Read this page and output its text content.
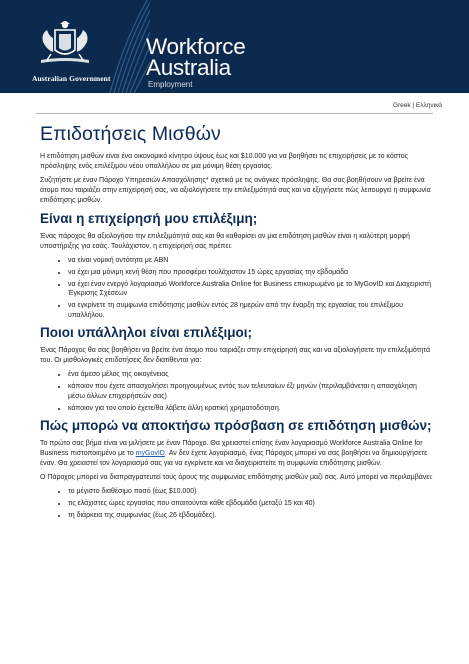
Australian Government
Workforce
Australia
Employment
Greek | Ελληνικά
Επιδοτήσεις Μισθών

Η επιδότηση μισθών είναι ένα οικονομικό κίνητρο ύψους έως και $10.000 για να βοηθήσει τις επιχειρήσεις με το κόστος πρόσληψης ενός επιλέξιμου νέου υπαλλήλου σε μια μόνιμη θέση εργασίας.

Συζητήστε με έναν Πάροχο Υπηρεσιών Απασχόλησης* σχετικά με τις ανάγκες πρόσληψης. Θα σας βοηθήσουν να βρείτε ένα άτομο που ταιριάζει στην επιχείρησή σας, να αξιολογήσετε την επιλεξιμότητά σας και να εξηγήσετε πώς λειτουργεί η συμφωνία επιδότησης μισθών.

Είναι η επιχείρησή μου επιλέξιμη;

Ένας πάροχος θα αξιολογήσει την επιλεξιμότητά σας και θα καθορίσει αν μια επιδότηση μισθών είναι η καλύτερη μορφή υποστήριξης για εσάς. Τουλάχιστον, η επιχείρησή σας πρέπει:

• να είναι νομική οντότητα με ABN
• να έχει μια μόνιμη κενή θέση που προσφέρει τουλάχιστον 15 ώρες εργασίας την εβδομάδα
• να έχει έναν ενεργό λογαριασμό Workforce Australia Online for Business επικυρωμένο με το MyGovID και Διαχειριστή Έγκρισης Σχέσεων
• να εγκρίνετε τη συμφωνία επιδότησης μισθών εντός 28 ημερών από την έναρξη της εργασίας του επιλέξιμου υπαλλήλου.
Ποιοι υπάλληλοι είναι επιλέξιμοι;

Ένας Πάροχος θα σας βοηθήσει να βρείτε ένα άτομο που ταιριάζει στην επιχείρησή σας και να αξιολογήσετε την επιλεξιμότητά του. Οι μισθολογικές επιδοτήσεις δεν διατίθενται για:

• ένα άμεσο μέλος της οικογένειας
• κάποιον που έχετε απασχολήσει προηγουμένως εντός των τελευταίων έξι μηνών (περιλαμβάνεται η απασχόληση μέσω άλλων επιχειρήσεών σας)
• κάποιον για τον οποίο έχετε/θα λάβετε άλλη κρατική χρηματοδότηση.
Πώς μπορώ να αποκτήσω πρόσβαση σε επιδότηση μισθών;

Το πρώτο σας βήμα είναι να μιλήσετε με έναν Πάροχο. Θα χρειαστεί επίσης έναν λογαριασμό Workforce Australia Online for Business πιστοποιημένο με το myGovID. Αν δεν έχετε λογαριασμό, ένας Πάροχος μπορεί να σας βοηθήσει να δημιουργήσετε έναν. Θα χρειαστεί τον λογαριασμό σας για να εγκρίνετε και να διαχειριστείτε τη συμφωνία επιδότησης μισθών.

Ο Πάροχος μπορεί να διαπραγματευτεί τους όρους της συμφωνίας επιδότησης μισθών μαζί σας. Αυτό μπορεί να περιλαμβάνει:

• το μέγιστο διαθέσιμο ποσό (έως $10.000)
• τις ελάχιστες ώρες εργασίας που απαιτούνται κάθε εβδομάδα (μεταξύ 15 και 40)
• τη διάρκεια της συμφωνίας (έως 26 εβδομάδες).
